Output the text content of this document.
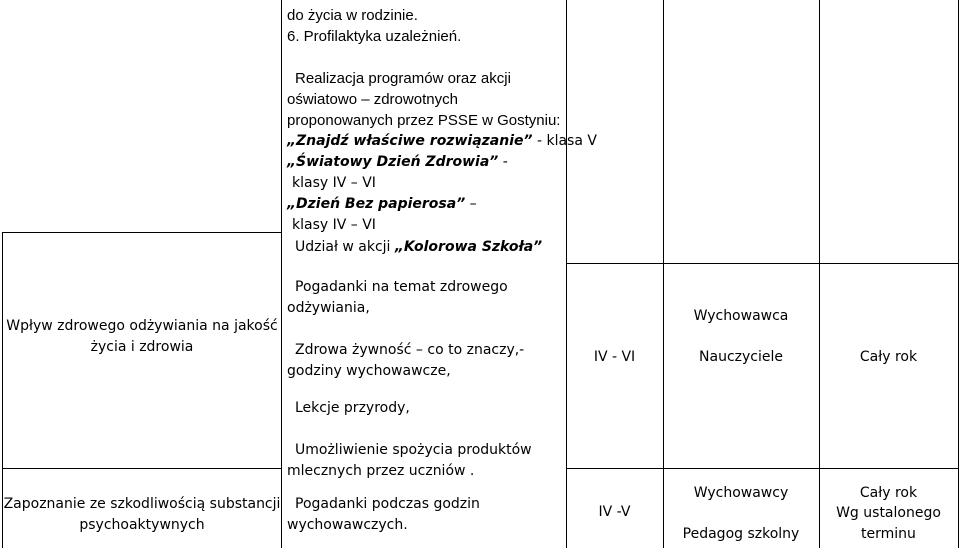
do życia w rodzinie.
6. Profilaktyka uzależnień.
Realizacja programów oraz akcji
oświatowo – zdrowotnych
proponowanych przez PSSE w Gostyniu:
„Znajdź właściwe rozwiązanie” - klasa V
„Światowy Dzień Zdrowia” -
klasy IV – VI
„Dzień Bez papierosa” –
klasy IV – VI
Udział w akcji „Kolorowa Szkoła”
Wpływ zdrowego odżywiania na jakość
życia i zdrowia
Pogadanki na temat zdrowego
odżywiania,
Zdrowa żywność – co to znaczy,-
godziny wychowawcze,
Lekcje przyrody,
Umożliwienie spożycia produktów
mlecznych przez uczniów .
IV - VI
Wychowawca
Nauczyciele	Cały rok
Zapoznanie ze szkodliwością substancji
psychoaktywnych
Pogadanki podczas godzin
wychowawczych.
IV -V
Wychowawcy
Pedagog szkolny
Cały rok
Wg ustalonego
terminu
